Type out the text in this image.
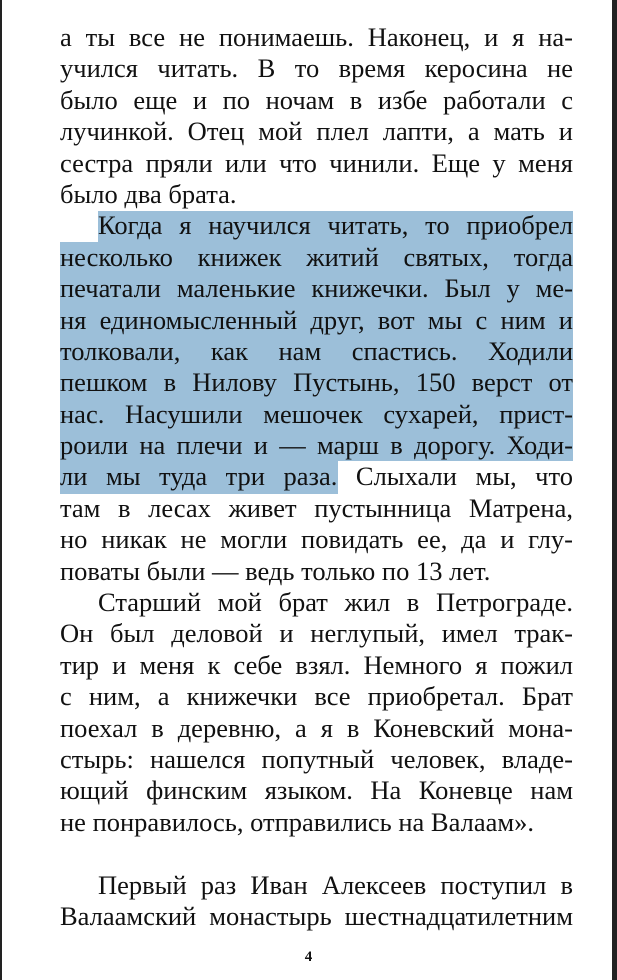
а ты все не понимаешь. Наконец, и я на-
учился читать. В то время керосина не
было еще и по ночам в избе работали с
лучинкой. Отец мой плел лапти, а мать и
сестра пряли или что чинили. Еще у меня
было два брата.
Когда я научился читать, то приобрел
несколько книжек житий святых, тогда
печатали маленькие книжечки. Был у ме-
ня единомысленный друг, вот мы с ним и
толковали, как нам спастись. Ходили
пешком в Нилову Пустынь, 150 верст от
нас. Насушили мешочек сухарей, прист-
роили на плечи и — марш в дорогу. Ходи-
ли мы туда три раза. Слыхали мы, что
там в лесах живет пустынница Матрена,
но никак не могли повидать ее, да и глу-
поваты были — ведь только по 13 лет.
Старший мой брат жил в Петрограде.
Он был деловой и неглупый, имел трак-
тир и меня к себе взял. Немного я пожил
с ним, а книжечки все приобретал. Брат
поехал в деревню, а я в Коневский мона-
стырь: нашелся попутный человек, владе-
ющий финским языком. На Коневце нам
не понравилось, отправились на Валаам».
Первый раз Иван Алексеев поступил в
Валаамский монастырь шестнадцатилетним
4
